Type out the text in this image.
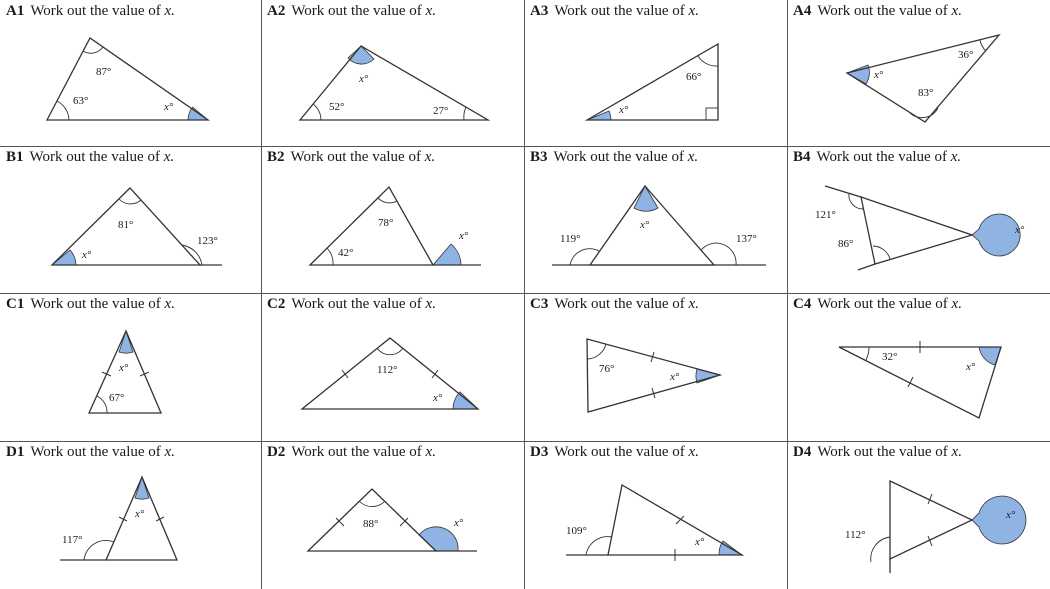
A1 Work out the value of x.
87°
63°	x°
A2 Work out the value of x.
x°
52°	27°
A3 Work out the value of x.
66°
x°
A4 Work out the value of x.
36°
x°
83°
B1 Work out the value of x.
81°
x°
123°
B2 Work out the value of x.
78°
42°
x°
B3 Work out the value of x.
x°
119°	137°
B4 Work out the value of x.
121°
86°
x°
C1 Work out the value of x.
x°
67°
C2 Work out the value of x.
112°
x°
C3 Work out the value of x.
76°
x°
C4 Work out the value of x.
32°
x°
D1 Work out the value of x.
x°
117°
D2 Work out the value of x.
88°	x°
D3 Work out the value of x.
109°
x°
D4 Work out the value of x.
x°
112°
